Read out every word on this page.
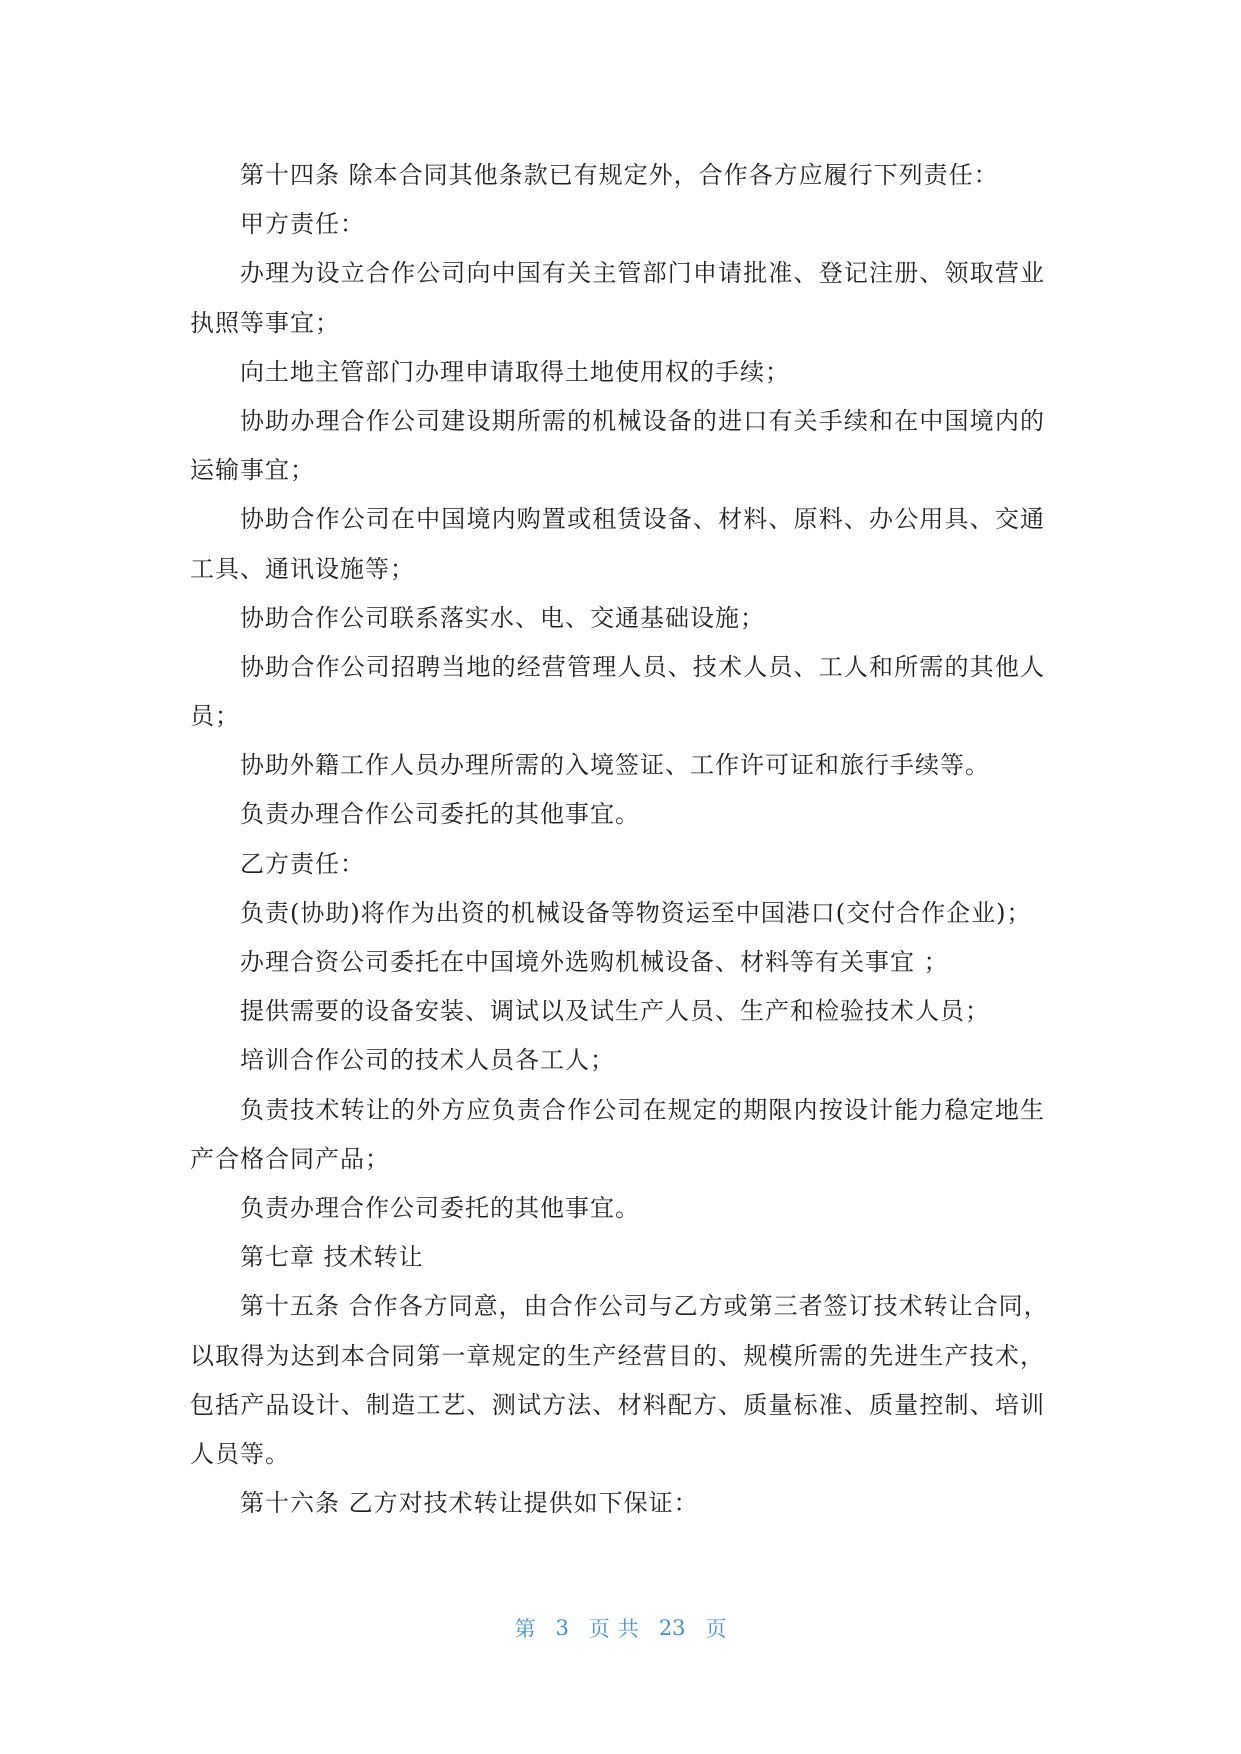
第十四条 除本合同其他条款已有规定外，合作各方应履行下列责任：

甲方责任：

办理为设立合作公司向中国有关主管部门申请批准、登记注册、领取营业
执照等事宜；

向土地主管部门办理申请取得土地使用权的手续；

协助办理合作公司建设期所需的机械设备的进口有关手续和在中国境内的
运输事宜；

协助合作公司在中国境内购置或租赁设备、材料、原料、办公用具、交通
工具、通讯设施等；

协助合作公司联系落实水、电、交通基础设施；

协助合作公司招聘当地的经营管理人员、技术人员、工人和所需的其他人
员；

协助外籍工作人员办理所需的入境签证、工作许可证和旅行手续等。

负责办理合作公司委托的其他事宜。

乙方责任：

负责(协助)将作为出资的机械设备等物资运至中国港口(交付合作企业)；

办理合资公司委托在中国境外选购机械设备、材料等有关事宜 ；

提供需要的设备安装、调试以及试生产人员、生产和检验技术人员；

培训合作公司的技术人员各工人；

负责技术转让的外方应负责合作公司在规定的期限内按设计能力稳定地生
产合格合同产品；

负责办理合作公司委托的其他事宜。

第七章 技术转让

第十五条 合作各方同意，由合作公司与乙方或第三者签订技术转让合同，
以取得为达到本合同第一章规定的生产经营目的、规模所需的先进生产技术，
包括产品设计、制造工艺、测试方法、材料配方、质量标准、质量控制、培训
人员等。

第十六条 乙方对技术转让提供如下保证：

第 3 页共 23 页
